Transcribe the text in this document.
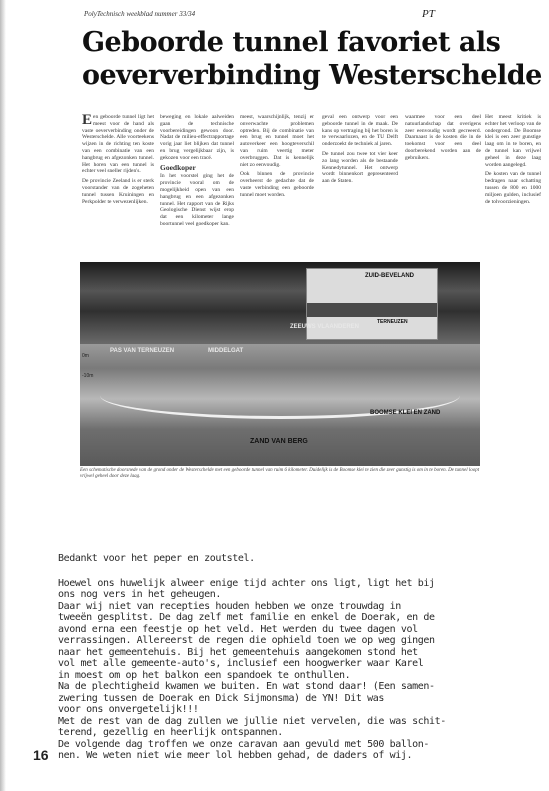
PolyTechnisch weekblad nummer 33/34	PT
Geboorde tunnel favoriet als
oeververbinding Westerschelde

Een geboorde tunnel ligt het meest voor de hand als vaste oeververbinding onder de Westerschelde. Alle voorteekens wijzen in de richting ten koste van een combinatie van een hangbrug en afgezonken tunnel. Het horen van een tunnel is echter veel sneller rijden's.

De provincie Zeeland is er sterk voorstander van de zogeheten tunnel tussen Kruiningen en Perkpolder te verwezenlijken.

beweging en lokale aalweiden gaan de technische voorbereidingen gewoon door. Nadat de milieu-effectrapportage vorig jaar liet blijken dat tunnel en brug vergelijkbaar zijn, is gekozen voor een tracé.

Goedkoper

In het voorstel ging het de provincie vooral om de mogelijkheid open van een hangbrug en een afgezonken tunnel. Het rapport van de Rijks Geologische Dienst wijst erop dat een kilometer lange boortunnel veel goedkoper kan.

meest, waarschijnlijk, tenzij er onverwachte problemen optreden. Bij de combinatie van een brug en tunnel moet het autoverkeer een hoogteverschil van ruim veertig meter overbruggen. Dat is kennelijk niet zo eenvoudig.

Ook binnen de provincie overheerst de gedachte dat de vaste verbinding een geboorde tunnel moet worden.

geval een ontwerp voor een geboorde tunnel in de maak. De kans op vertraging bij het boren is te verwaarlozen, en de TU Delft onderzoekt de techniek al jaren.

De tunnel zou twee tot vier keer zo lang worden als de bestaande Kennedytunnel. Het ontwerp wordt binnenkort gepresenteerd aan de Staten.

waarmee voor een deel natuurlandschap dat overigens zeer eenvoudig wordt gecreeerd. Daarnaast is de kosten die in de toekomst voor een deel doorberekend worden aan de gebruikers.

Het meest kritiek is echter het verloop van de ondergrond. De Boomse klei is een zeer gunstige laag om in te boren, en de tunnel kan vrijwel geheel in deze laag worden aangelegd.

De kosten van de tunnel bedragen naar schatting tussen de 800 en 1000 miljoen gulden, inclusief de tolvoorzieningen.

ZUID-BEVELAND
TERNEUZEN
ZEEUWS VLAANDEREN
0m
-10m
PAS VAN TERNEUZEN	MIDDELGAT
BOOMSE KLEI EN ZAND
ZAND VAN BERG
Een schematische doorsnede van de grond onder de Westerschelde met een geboorde tunnel van ruim 6 kilometer. Duidelijk is de Boomse klei te zien die zeer gunstig is om in te boren. De tunnel loopt vrijwel geheel door deze laag.
Bedankt voor het peper en zoutstel.
Hoewel ons huwelijk alweer enige tijd achter ons ligt, ligt het bij
ons nog vers in het geheugen.
Daar wij niet van recepties houden hebben we onze trouwdag in
tweeën gesplitst. De dag zelf met familie en enkel de Doerak, en de
avond erna een feestje op het veld. Het werden du twee dagen vol
verrassingen. Allereerst de regen die ophield toen we op weg gingen
naar het gemeentehuis. Bij het gemeentehuis aangekomen stond het
vol met alle gemeente-auto's, inclusief een hoogwerker waar Karel
in moest om op het balkon een spandoek te onthullen.
Na de plechtigheid kwamen we buiten. En wat stond daar! (Een samen-
zwering tussen de Doerak en Dick Sijmonsma) de YN! Dit was
voor ons onvergetelijk!!!
Met de rest van de dag zullen we jullie niet vervelen, die was schit-
terend, gezellig en heerlijk ontspannen.
De volgende dag troffen we onze caravan aan gevuld met 500 ballon-
nen. We weten niet wie meer lol hebben gehad, de daders of wij.
16
